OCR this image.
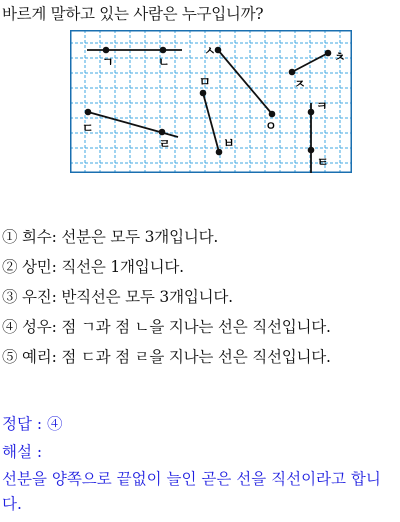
바르게 말하고 있는 사람은 누구입니까?
ㄱ	ㄴ
ㅅ
ㅇ
ㅊ
ㅈ
ㅁ
ㅂ
ㄷ
ㄹ
ㅋ
ㅌ
① 희수: 선분은 모두 3개입니다.
② 상민: 직선은 1개입니다.
③ 우진: 반직선은 모두 3개입니다.
④ 성우: 점 ㄱ과 점 ㄴ을 지나는 선은 직선입니다.
⑤ 예리: 점 ㄷ과 점 ㄹ을 지나는 선은 직선입니다.
정답 : ④
해설 :
선분을 양쪽으로 끝없이 늘인 곧은 선을 직선이라고 합니다.
